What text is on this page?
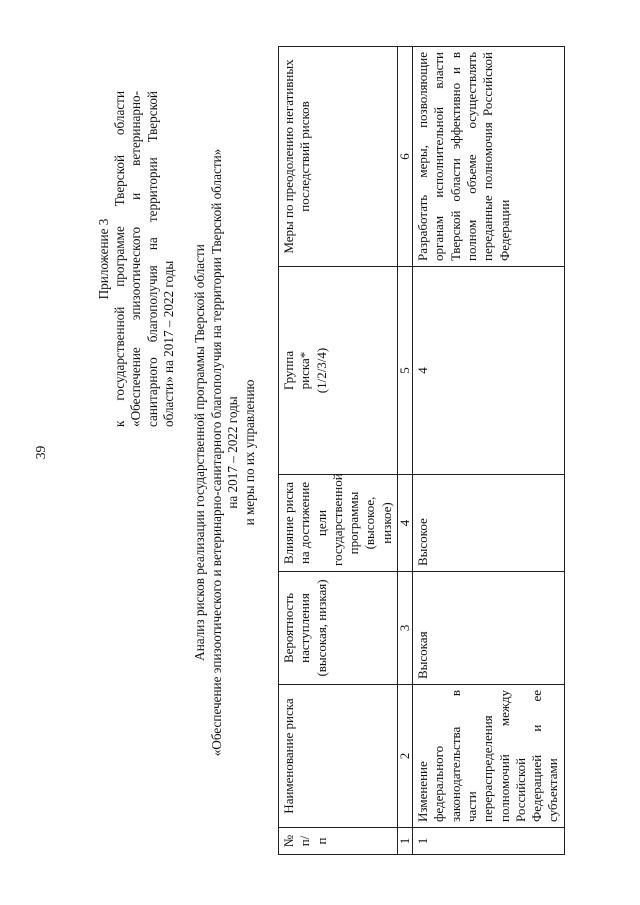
39
Приложение 3 к государственной программе Тверской области «Обеспечение эпизоотического и ветеринарно- санитарного благополучия на территории Тверской области» на 2017 – 2022 годы Анализ рисков реализации государственной программы Тверской области «Обеспечение эпизоотического и ветеринарно-санитарного благополучия на территории Тверской области» на 2017 – 2022 годы и меры по их управлению
№ п/п	Наименование риска	Вероятность наступления (высокая, низкая)	Влияние риска на достижение цели государственной программы (высокое, низкое)	Группа риска* (1/2/3/4)	Меры по преодолению негативных последствий рисков
1	2	3	4	5	6
1	Изменение федерального законодательства в части перераспределения полномочий между Российской Федерацией и ее субъектами	Высокая	Высокое	4	Разработать меры, позволяющие органам исполнительной власти Тверской области эффективно и в полном объеме осуществлять переданные полномочия Российской Федерации
